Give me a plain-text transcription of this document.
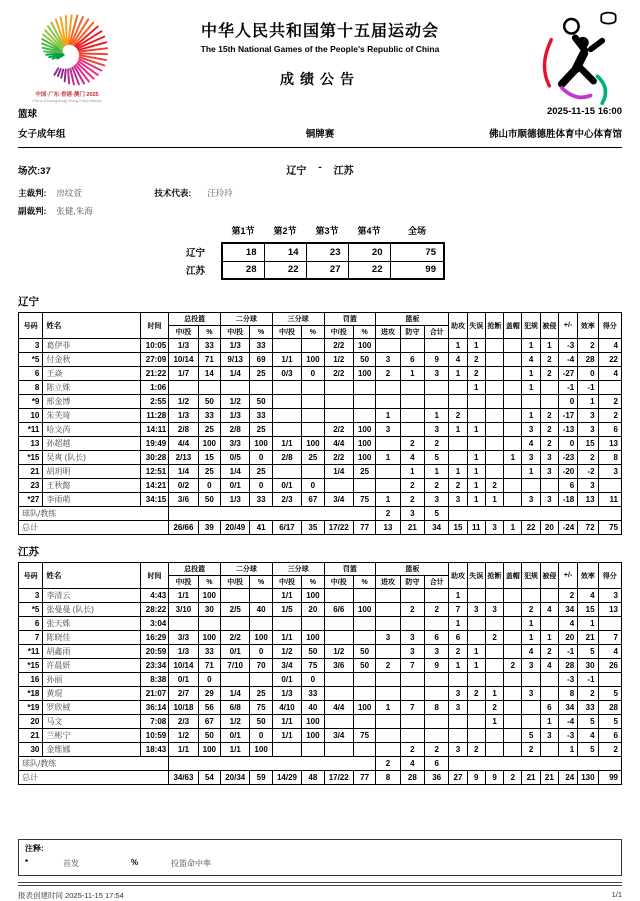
中国·广东·香港·澳门 2025
China (Guangdong) Hong Kong Macau
中华人民共和国第十五届运动会
The 15th National Games of the People's Republic of China
成绩公告
篮球	2025-11-15 16:00
女子成年组	铜牌赛	佛山市顺德德胜体育中心体育馆
场次:37	辽宁 - 江苏
主裁判: 房纹萱	技术代表: 汪玲玲
副裁判: 张健,朱海
第1节	第2节	第3节	第4节	全场
辽宁	18	14	23	20	75
江苏	28	22	27	22	99
辽宁
号码	姓名	时间	总投篮		二分球		三分球		罚篮		篮板			助攻	失误	抢断	盖帽	犯规	被侵	+/-	效率	得分
			中/投	%	中/投	%	中/投	%	中/投	%	进攻	防守	合计									
3	葛伊菲	10:05	1/3	33	1/3	33			2/2	100				1	1			1	1	-3	2	4
*5	付金秋	27:09	10/14	71	9/13	69	1/1	100	1/2	50	3	6	9	4	2			4	2	-4	28	22
6	王焱	21:22	1/7	14	1/4	25	0/3	0	2/2	100	2	1	3	1	2			1	2	-27	0	4
8	陈立姝	1:06													1			1		-1	-1	
*9	邢金博	2:55	1/2	50	1/2	50														0	1	2
10	朱芙琦	11:28	1/3	33	1/3	33					1		1	2				1	2	-17	3	2
*11	哈文芮	14:11	2/8	25	2/8	25			2/2	100	3		3	1	1			3	2	-13	3	6
13	孙超越	19:49	4/4	100	3/3	100	1/1	100	4/4	100		2	2					4	2	0	15	13
*15	吴爽 (队长)	30:28	2/13	15	0/5	0	2/8	25	2/2	100	1	4	5		1		1	3	3	-23	2	8
21	胡玥明	12:51	1/4	25	1/4	25			1/4	25		1	1	1	1			1	3	-20	-2	3
23	王秋懿	14:21	0/2	0	0/1	0	0/1	0				2	2	2	1	2				6	3	
*27	李雨萌	34:15	3/6	50	1/3	33	2/3	67	3/4	75	1	2	3	3	1	1		3	3	-18	13	11
球队/教练											2	3	5									
总计			26/66	39	20/49	41	6/17	35	17/22	77	13	21	34	15	11	3	1	22	20	-24	72	75
江苏
号码	姓名	时间	总投篮		二分球		三分球		罚篮		篮板			助攻	失误	抢断	盖帽	犯规	被侵	+/-	效率	得分
			中/投	%	中/投	%	中/投	%	中/投	%	进攻	防守	合计									
3	李清云	4:43	1/1	100			1/1	100						1						2	4	3
*5	张曼曼 (队长)	28:22	3/10	30	2/5	40	1/5	20	6/6	100		2	2	7	3	3		2	4	34	15	13
6	张天姝	3:04												1				1		4	1	
7	陈晓佳	16:29	3/3	100	2/2	100	1/1	100			3	3	6	6		2		1	1	20	21	7
*11	胡鑫雨	20:59	1/3	33	0/1	0	1/2	50	1/2	50		3	3	2	1			4	2	-1	5	4
*15	许晨妍	23:34	10/14	71	7/10	70	3/4	75	3/6	50	2	7	9	1	1		2	3	4	28	30	26
16	孙丽	8:38	0/1	0			0/1	0												-3	-1	
*18	黄琨	21:07	2/7	29	1/4	25	1/3	33						3	2	1		3		8	2	5
*19	罗欣棫	36:14	10/18	56	6/8	75	4/10	40	4/4	100	1	7	8	3		2			6	34	33	28
20	马文	7:08	2/3	67	1/2	50	1/1	100								1			1	-4	5	5
21	兰彬宁	10:59	1/2	50	0/1	0	1/1	100	3/4	75								5	3	-3	4	6
30	金维娜	18:43	1/1	100	1/1	100						2	2	3	2			2		1	5	2
球队/教练											2	4	6									
总计			34/63	54	20/34	59	14/29	48	17/22	77	8	28	36	27	9	9	2	21	21	24	130	99
注释:
*	首发	%	投篮命中率
报表创建时间 2025-11-15 17:54	1/1
